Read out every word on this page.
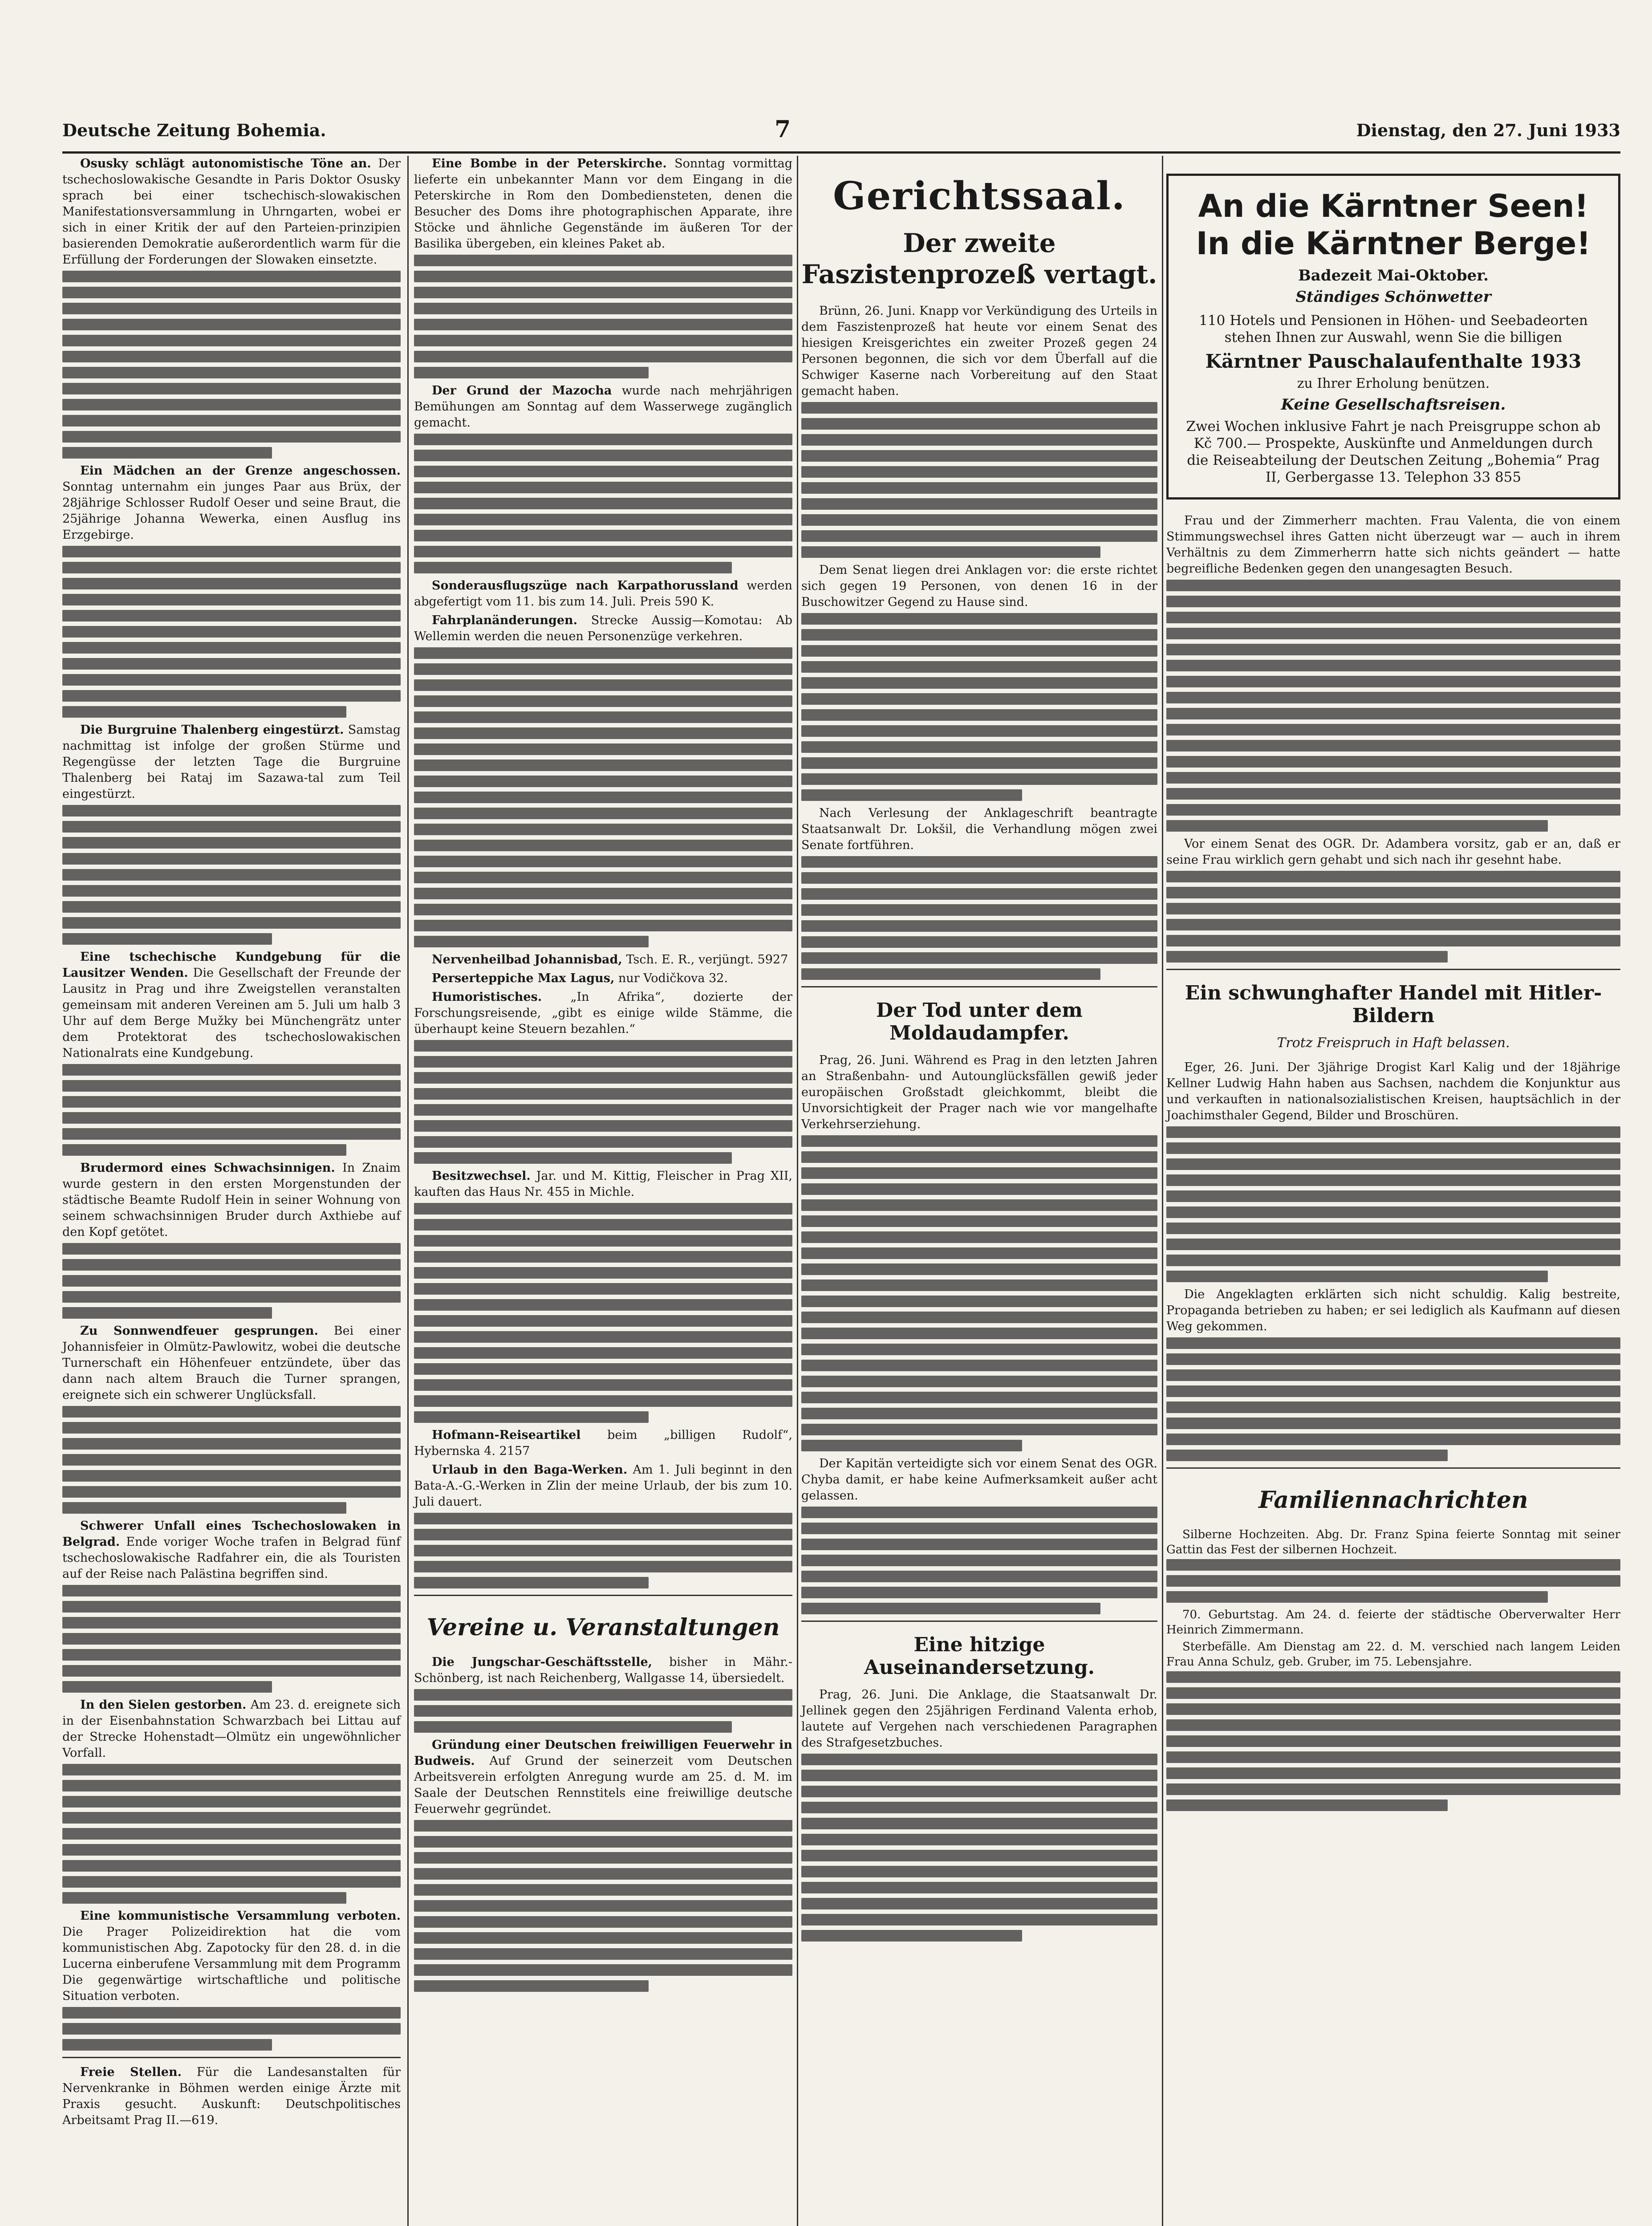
Deutsche Zeitung Bohemia.	7	Dienstag, den 27. Juni 1933

Osusky schlägt autonomistische Töne an. Der tschechoslowakische Gesandte in Paris Doktor Osusky sprach bei einer tschechisch-slowakischen Manifestationsversammlung in Uhrngarten, wobei er sich in einer Kritik der auf den Parteien-prinzipien basierenden Demokratie außerordentlich warm für die Erfüllung der Forderungen der Slowaken einsetzte.

Ein Mädchen an der Grenze angeschossen. Sonntag unternahm ein junges Paar aus Brüx, der 28jährige Schlosser Rudolf Oeser und seine Braut, die 25jährige Johanna Wewerka, einen Ausflug ins Erzgebirge.

Die Burgruine Thalenberg eingestürzt. Samstag nachmittag ist infolge der großen Stürme und Regengüsse der letzten Tage die Burgruine Thalenberg bei Rataj im Sazawa-tal zum Teil eingestürzt.

Eine tschechische Kundgebung für die Lausitzer Wenden. Die Gesellschaft der Freunde der Lausitz in Prag und ihre Zweigstellen veranstalten gemeinsam mit anderen Vereinen am 5. Juli um halb 3 Uhr auf dem Berge Mužky bei Münchengrätz unter dem Protektorat des tschechoslowakischen Nationalrats eine Kundgebung.

Brudermord eines Schwachsinnigen. In Znaim wurde gestern in den ersten Morgenstunden der städtische Beamte Rudolf Hein in seiner Wohnung von seinem schwachsinnigen Bruder durch Axthiebe auf den Kopf getötet.

Zu Sonnwendfeuer gesprungen. Bei einer Johannisfeier in Olmütz-Pawlowitz, wobei die deutsche Turnerschaft ein Höhenfeuer entzündete, über das dann nach altem Brauch die Turner sprangen, ereignete sich ein schwerer Unglücksfall.

Schwerer Unfall eines Tschechoslowaken in Belgrad. Ende voriger Woche trafen in Belgrad fünf tschechoslowakische Radfahrer ein, die als Touristen auf der Reise nach Palästina begriffen sind.

In den Sielen gestorben. Am 23. d. ereignete sich in der Eisenbahnstation Schwarzbach bei Littau auf der Strecke Hohenstadt—Olmütz ein ungewöhnlicher Vorfall.

Eine kommunistische Versammlung verboten. Die Prager Polizeidirektion hat die vom kommunistischen Abg. Zapotocky für den 28. d. in die Lucerna einberufene Versammlung mit dem Programm Die gegenwärtige wirtschaftliche und politische Situation verboten.

Freie Stellen. Für die Landesanstalten für Nervenkranke in Böhmen werden einige Ärzte mit Praxis gesucht. Auskunft: Deutschpolitisches Arbeitsamt Prag II.—619.

Eine Bombe in der Peterskirche. Sonntag vormittag lieferte ein unbekannter Mann vor dem Eingang in die Peterskirche in Rom den Dombediensteten, denen die Besucher des Doms ihre photographischen Apparate, ihre Stöcke und ähnliche Gegenstände im äußeren Tor der Basilika übergeben, ein kleines Paket ab.

Der Grund der Mazocha wurde nach mehrjährigen Bemühungen am Sonntag auf dem Wasserwege zugänglich gemacht.

Sonderausflugszüge nach Karpathorussland werden abgefertigt vom 11. bis zum 14. Juli. Preis 590 K.

Fahrplanänderungen. Strecke Aussig—Komotau: Ab Wellemin werden die neuen Personenzüge verkehren.

Nervenheilbad Johannisbad, Tsch. E. R., verjüngt. 5927

Perserteppiche Max Lagus, nur Vodičkova 32.

Humoristisches. „In Afrika“, dozierte der Forschungsreisende, „gibt es einige wilde Stämme, die überhaupt keine Steuern bezahlen.“

Besitzwechsel. Jar. und M. Kittig, Fleischer in Prag XII, kauften das Haus Nr. 455 in Michle.

Hofmann-Reiseartikel beim „billigen Rudolf“, Hybernska 4. 2157

Urlaub in den Baga-Werken. Am 1. Juli beginnt in den Bata-A.-G.-Werken in Zlin der meine Urlaub, der bis zum 10. Juli dauert.

Vereine u. Veranstaltungen

Die Jungschar-Geschäftsstelle, bisher in Mähr.-Schönberg, ist nach Reichenberg, Wallgasse 14, übersiedelt.

Gründung einer Deutschen freiwilligen Feuerwehr in Budweis. Auf Grund der seinerzeit vom Deutschen Arbeitsverein erfolgten Anregung wurde am 25. d. M. im Saale der Deutschen Rennstitels eine freiwillige deutsche Feuerwehr gegründet.

Gerichtssaal.
Der zweite Faszistenprozeß vertagt.

Brünn, 26. Juni. Knapp vor Verkündigung des Urteils in dem Faszistenprozeß hat heute vor einem Senat des hiesigen Kreisgerichtes ein zweiter Prozeß gegen 24 Personen begonnen, die sich vor dem Überfall auf die Schwiger Kaserne nach Vorbereitung auf den Staat gemacht haben.

Dem Senat liegen drei Anklagen vor: die erste richtet sich gegen 19 Personen, von denen 16 in der Buschowitzer Gegend zu Hause sind.

Nach Verlesung der Anklageschrift beantragte Staatsanwalt Dr. Lokšil, die Verhandlung mögen zwei Senate fortführen.

Der Tod unter dem Moldaudampfer.

Prag, 26. Juni. Während es Prag in den letzten Jahren an Straßenbahn- und Autounglücksfällen gewiß jeder europäischen Großstadt gleichkommt, bleibt die Unvorsichtigkeit der Prager nach wie vor mangelhafte Verkehrserziehung.

Der Kapitän verteidigte sich vor einem Senat des OGR. Chyba damit, er habe keine Aufmerksamkeit außer acht gelassen.

Eine hitzige Auseinandersetzung.

Prag, 26. Juni. Die Anklage, die Staatsanwalt Dr. Jellinek gegen den 25jährigen Ferdinand Valenta erhob, lautete auf Vergehen nach verschiedenen Paragraphen des Strafgesetzbuches.

An die Kärntner Seen!
In die Kärntner Berge!
Badezeit Mai-Oktober.
Ständiges Schönwetter
110 Hotels und Pensionen in Höhen- und Seebadeorten stehen Ihnen zur Auswahl, wenn Sie die billigen
Kärntner Pauschalaufenthalte 1933
zu Ihrer Erholung benützen.
Keine Gesellschaftsreisen.
Zwei Wochen inklusive Fahrt je nach Preisgruppe schon ab Kč 700.— Prospekte, Auskünfte und Anmeldungen durch die Reiseabteilung der Deutschen Zeitung „Bohemia“ Prag II, Gerbergasse 13. Telephon 33 855

Frau und der Zimmerherr machten. Frau Valenta, die von einem Stimmungswechsel ihres Gatten nicht überzeugt war — auch in ihrem Verhältnis zu dem Zimmerherrn hatte sich nichts geändert — hatte begreifliche Bedenken gegen den unangesagten Besuch.

Vor einem Senat des OGR. Dr. Adambera vorsitz, gab er an, daß er seine Frau wirklich gern gehabt und sich nach ihr gesehnt habe.

Ein schwunghafter Handel mit Hitler-Bildern
Trotz Freispruch in Haft belassen.

Eger, 26. Juni. Der 3jährige Drogist Karl Kalig und der 18jährige Kellner Ludwig Hahn haben aus Sachsen, nachdem die Konjunktur aus und verkauften in nationalsozialistischen Kreisen, hauptsächlich in der Joachimsthaler Gegend, Bilder und Broschüren.

Die Angeklagten erklärten sich nicht schuldig. Kalig bestreite, Propaganda betrieben zu haben; er sei lediglich als Kaufmann auf diesen Weg gekommen.

Familiennachrichten

Silberne Hochzeiten. Abg. Dr. Franz Spina feierte Sonntag mit seiner Gattin das Fest der silbernen Hochzeit.

70. Geburtstag. Am 24. d. feierte der städtische Oberverwalter Herr Heinrich Zimmermann.

Sterbefälle. Am Dienstag am 22. d. M. verschied nach langem Leiden Frau Anna Schulz, geb. Gruber, im 75. Lebensjahre.
